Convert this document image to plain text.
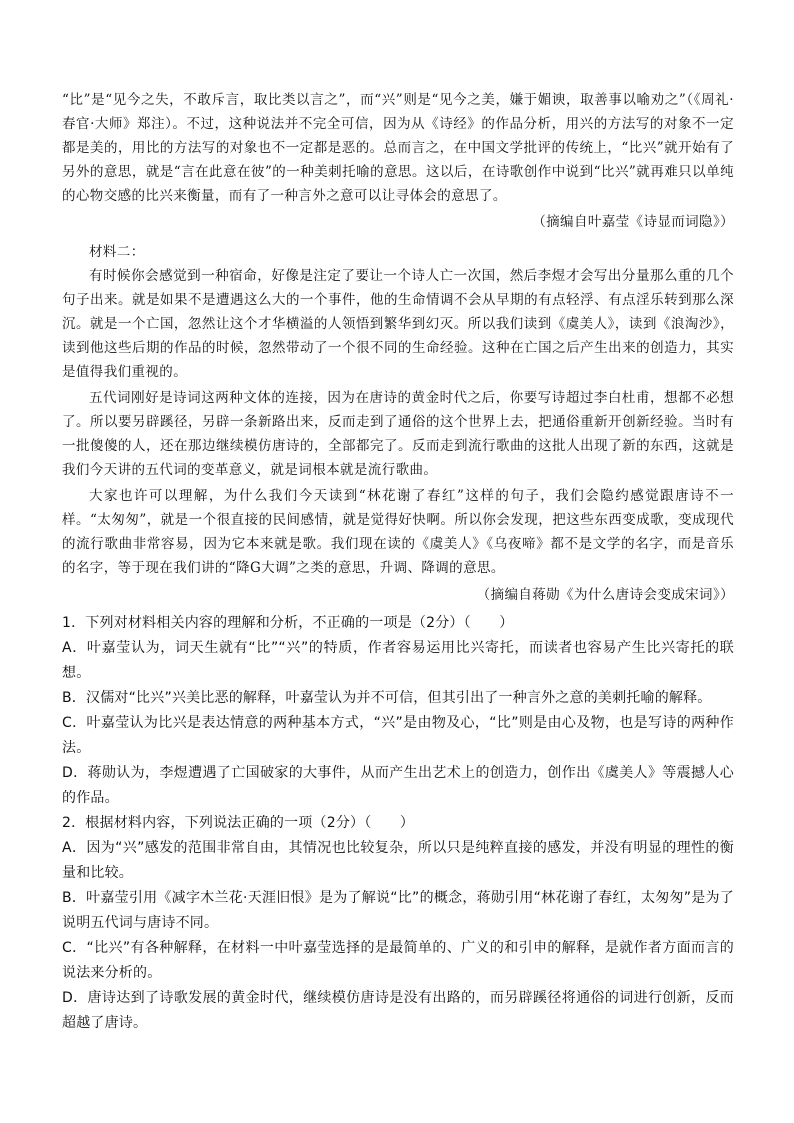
“比”是“见今之失，不敢斥言，取比类以言之”，而“兴”则是“见今之美，嫌于媚谀，取善事以喻劝之”（《周礼·春官·大师》郑注）。不过，这种说法并不完全可信，因为从《诗经》的作品分析，用兴的方法写的对象不一定都是美的，用比的方法写的对象也不一定都是恶的。总而言之，在中国文学批评的传统上，“比兴”就开始有了另外的意思，就是“言在此意在彼”的一种美刺托喻的意思。这以后，在诗歌创作中说到“比兴”就再难只以单纯的心物交感的比兴来衡量，而有了一种言外之意可以让寻体会的意思了。

（摘编自叶嘉莹《诗显而词隐》）

材料二：

有时候你会感觉到一种宿命，好像是注定了要让一个诗人亡一次国，然后李煜才会写出分量那么重的几个句子出来。就是如果不是遭遇这么大的一个事件，他的生命情调不会从早期的有点轻浮、有点淫乐转到那么深沉。就是一个亡国，忽然让这个才华横溢的人领悟到繁华到幻灭。所以我们读到《虞美人》，读到《浪淘沙》，读到他这些后期的作品的时候，忽然带动了一个很不同的生命经验。这种在亡国之后产生出来的创造力，其实是值得我们重视的。

五代词刚好是诗词这两种文体的连接，因为在唐诗的黄金时代之后，你要写诗超过李白杜甫，想都不必想了。所以要另辟蹊径，另辟一条新路出来，反而走到了通俗的这个世界上去，把通俗重新开创新经验。当时有一批傻傻的人，还在那边继续模仿唐诗的，全部都完了。反而走到流行歌曲的这批人出现了新的东西，这就是我们今天讲的五代词的变革意义，就是词根本就是流行歌曲。

大家也许可以理解，为什么我们今天读到“林花谢了春红”这样的句子，我们会隐约感觉跟唐诗不一样。“太匆匆”，就是一个很直接的民间感情，就是觉得好快啊。所以你会发现，把这些东西变成歌，变成现代的流行歌曲非常容易，因为它本来就是歌。我们现在读的《虞美人》《乌夜啼》都不是文学的名字，而是音乐的名字，等于现在我们讲的“降G大调”之类的意思，升调、降调的意思。

（摘编自蒋勋《为什么唐诗会变成宋词》）

1．下列对材料相关内容的理解和分析，不正确的一项是（2分）（　　）

A．叶嘉莹认为，词天生就有“比”“兴”的特质，作者容易运用比兴寄托，而读者也容易产生比兴寄托的联想。

B．汉儒对“比兴”兴美比恶的解释，叶嘉莹认为并不可信，但其引出了一种言外之意的美刺托喻的解释。

C．叶嘉莹认为比兴是表达情意的两种基本方式，“兴”是由物及心，“比”则是由心及物，也是写诗的两种作法。

D．蒋勋认为，李煜遭遇了亡国破家的大事件，从而产生出艺术上的创造力，创作出《虞美人》等震撼人心的作品。

2．根据材料内容，下列说法正确的一项（2分）（　　）

A．因为“兴”感发的范围非常自由，其情况也比较复杂，所以只是纯粹直接的感发，并没有明显的理性的衡量和比较。

B．叶嘉莹引用《减字木兰花·天涯旧恨》是为了解说“比”的概念，蒋勋引用“林花谢了春红，太匆匆”是为了说明五代词与唐诗不同。

C．“比兴”有各种解释，在材料一中叶嘉莹选择的是最简单的、广义的和引申的解释，是就作者方面而言的说法来分析的。

D．唐诗达到了诗歌发展的黄金时代，继续模仿唐诗是没有出路的，而另辟蹊径将通俗的词进行创新，反而超越了唐诗。
